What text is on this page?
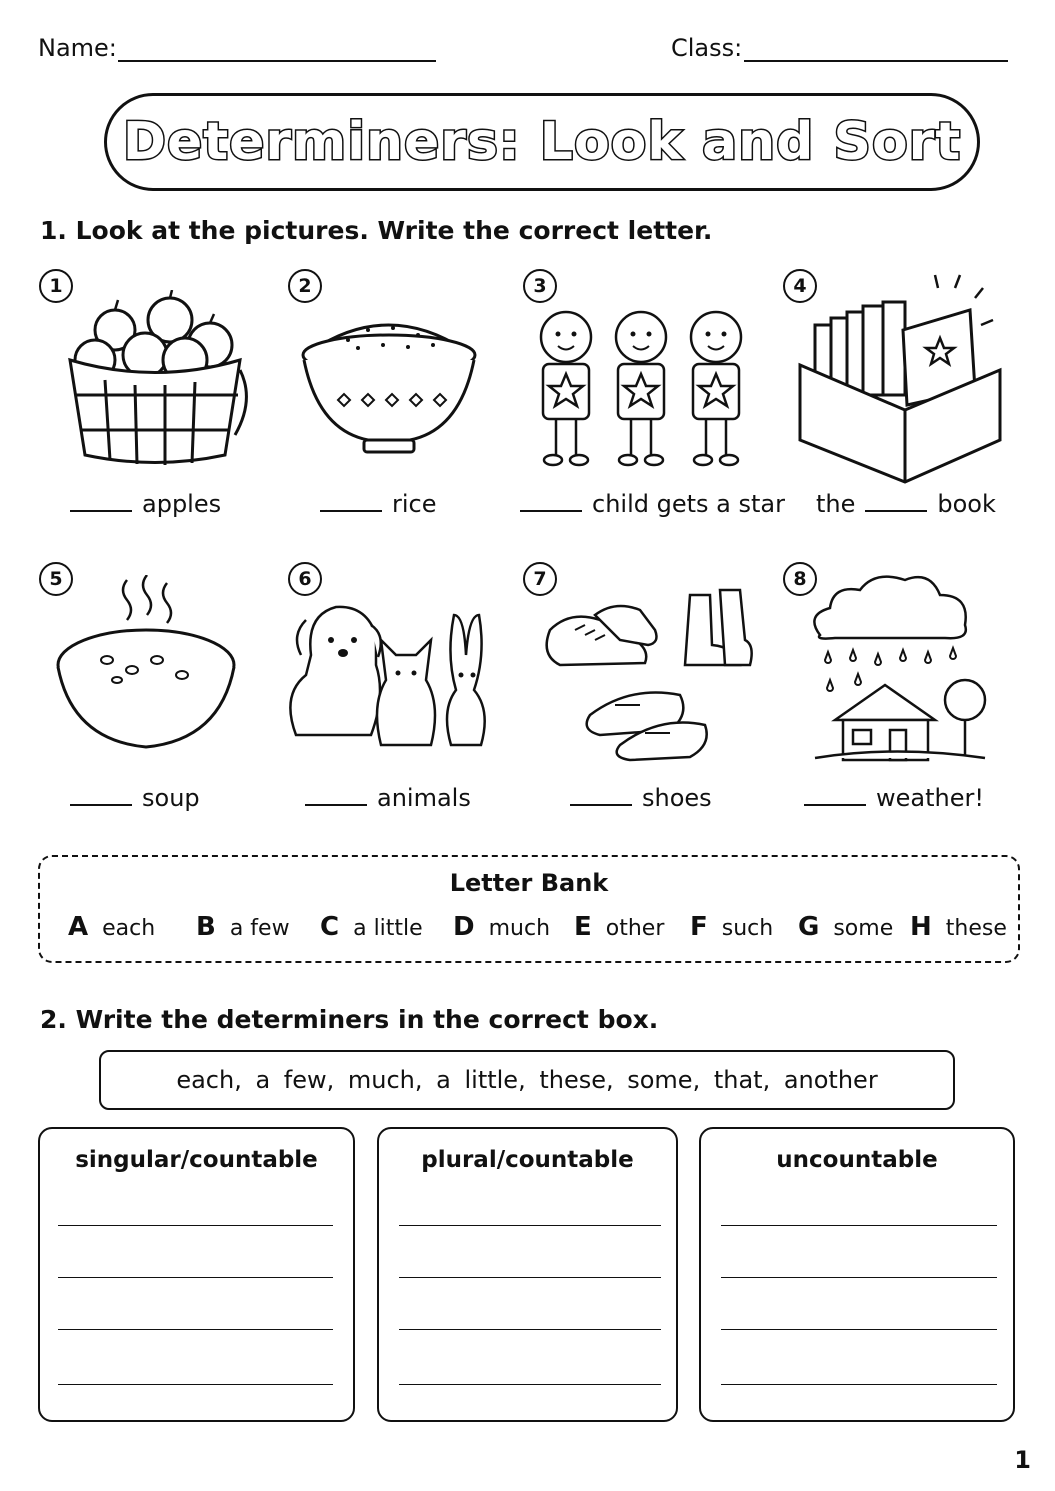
Name:	Class:
Determiners: Look and Sort
1. Look at the pictures. Write the correct letter.
1	2	3	4
apples	rice	child gets a star the	book
5	6	7	8
soup	animals	shoes	weather!
Letter Bank
A each B a few C a little D much E other F such G some H these
2. Write the determiners in the correct box.
each, a few, much, a little, these, some, that, another
singular/countable	plural/countable	uncountable
1
